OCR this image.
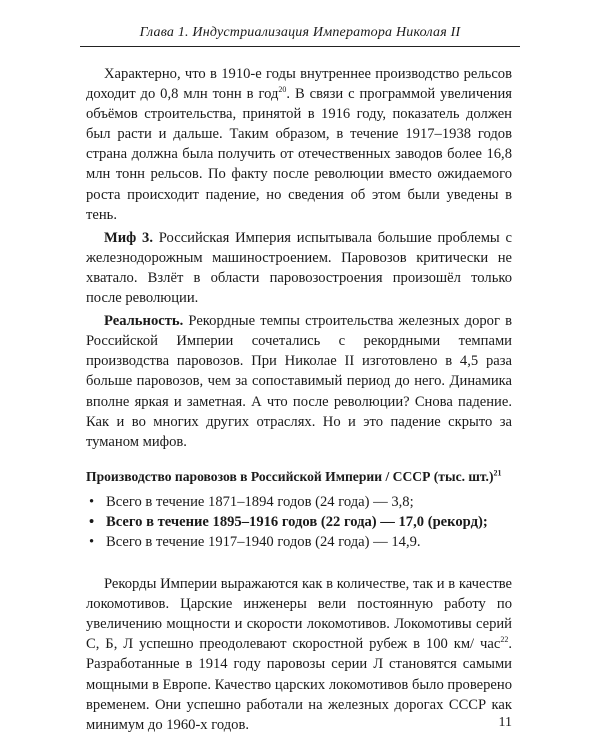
Глава 1. Индустриализация Императора Николая II

Характерно, что в 1910-е годы внутреннее производство рельсов доходит до 0,8 млн тонн в год$^{20}$. В связи с программой увеличения объёмов строительства, принятой в 1916 году, показатель должен был расти и дальше. Таким образом, в течение 1917–1938 годов страна должна была получить от отечественных заводов более 16,8 млн тонн рельсов. По факту после революции вместо ожидаемого роста происходит падение, но сведения об этом были уведены в тень.

Миф 3. Российская Империя испытывала большие проблемы с железнодорожным машиностроением. Паровозов критически не хватало. Взлёт в области паровозостроения произошёл только после революции.

Реальность. Рекордные темпы строительства железных дорог в Российской Империи сочетались с рекордными темпами производства паровозов. При Николае II изготовлено в 4,5 раза больше паровозов, чем за сопоставимый период до него. Динамика вполне яркая и заметная. А что после революции? Снова падение. Как и во многих других отраслях. Но и это падение скрыто за туманом мифов.

Производство паровозов в Российской Империи / СССР (тыс. шт.)$^{21}$
• Всего в течение 1871–1894 годов (24 года) — 3,8;
• Всего в течение 1895–1916 годов (22 года) — 17,0 (рекорд);
• Всего в течение 1917–1940 годов (24 года) — 14,9.

Рекорды Империи выражаются как в количестве, так и в качестве локомотивов. Царские инженеры вели постоянную работу по увеличению мощности и скорости локомотивов. Локомотивы серий С, Б, Л успешно преодолевают скоростной рубеж в 100 км/ час$^{22}$. Разработанные в 1914 году паровозы серии Л становятся самыми мощными в Европе. Качество царских локомотивов было проверено временем. Они успешно работали на железных дорогах СССР как минимум до 1960-х годов.	11
